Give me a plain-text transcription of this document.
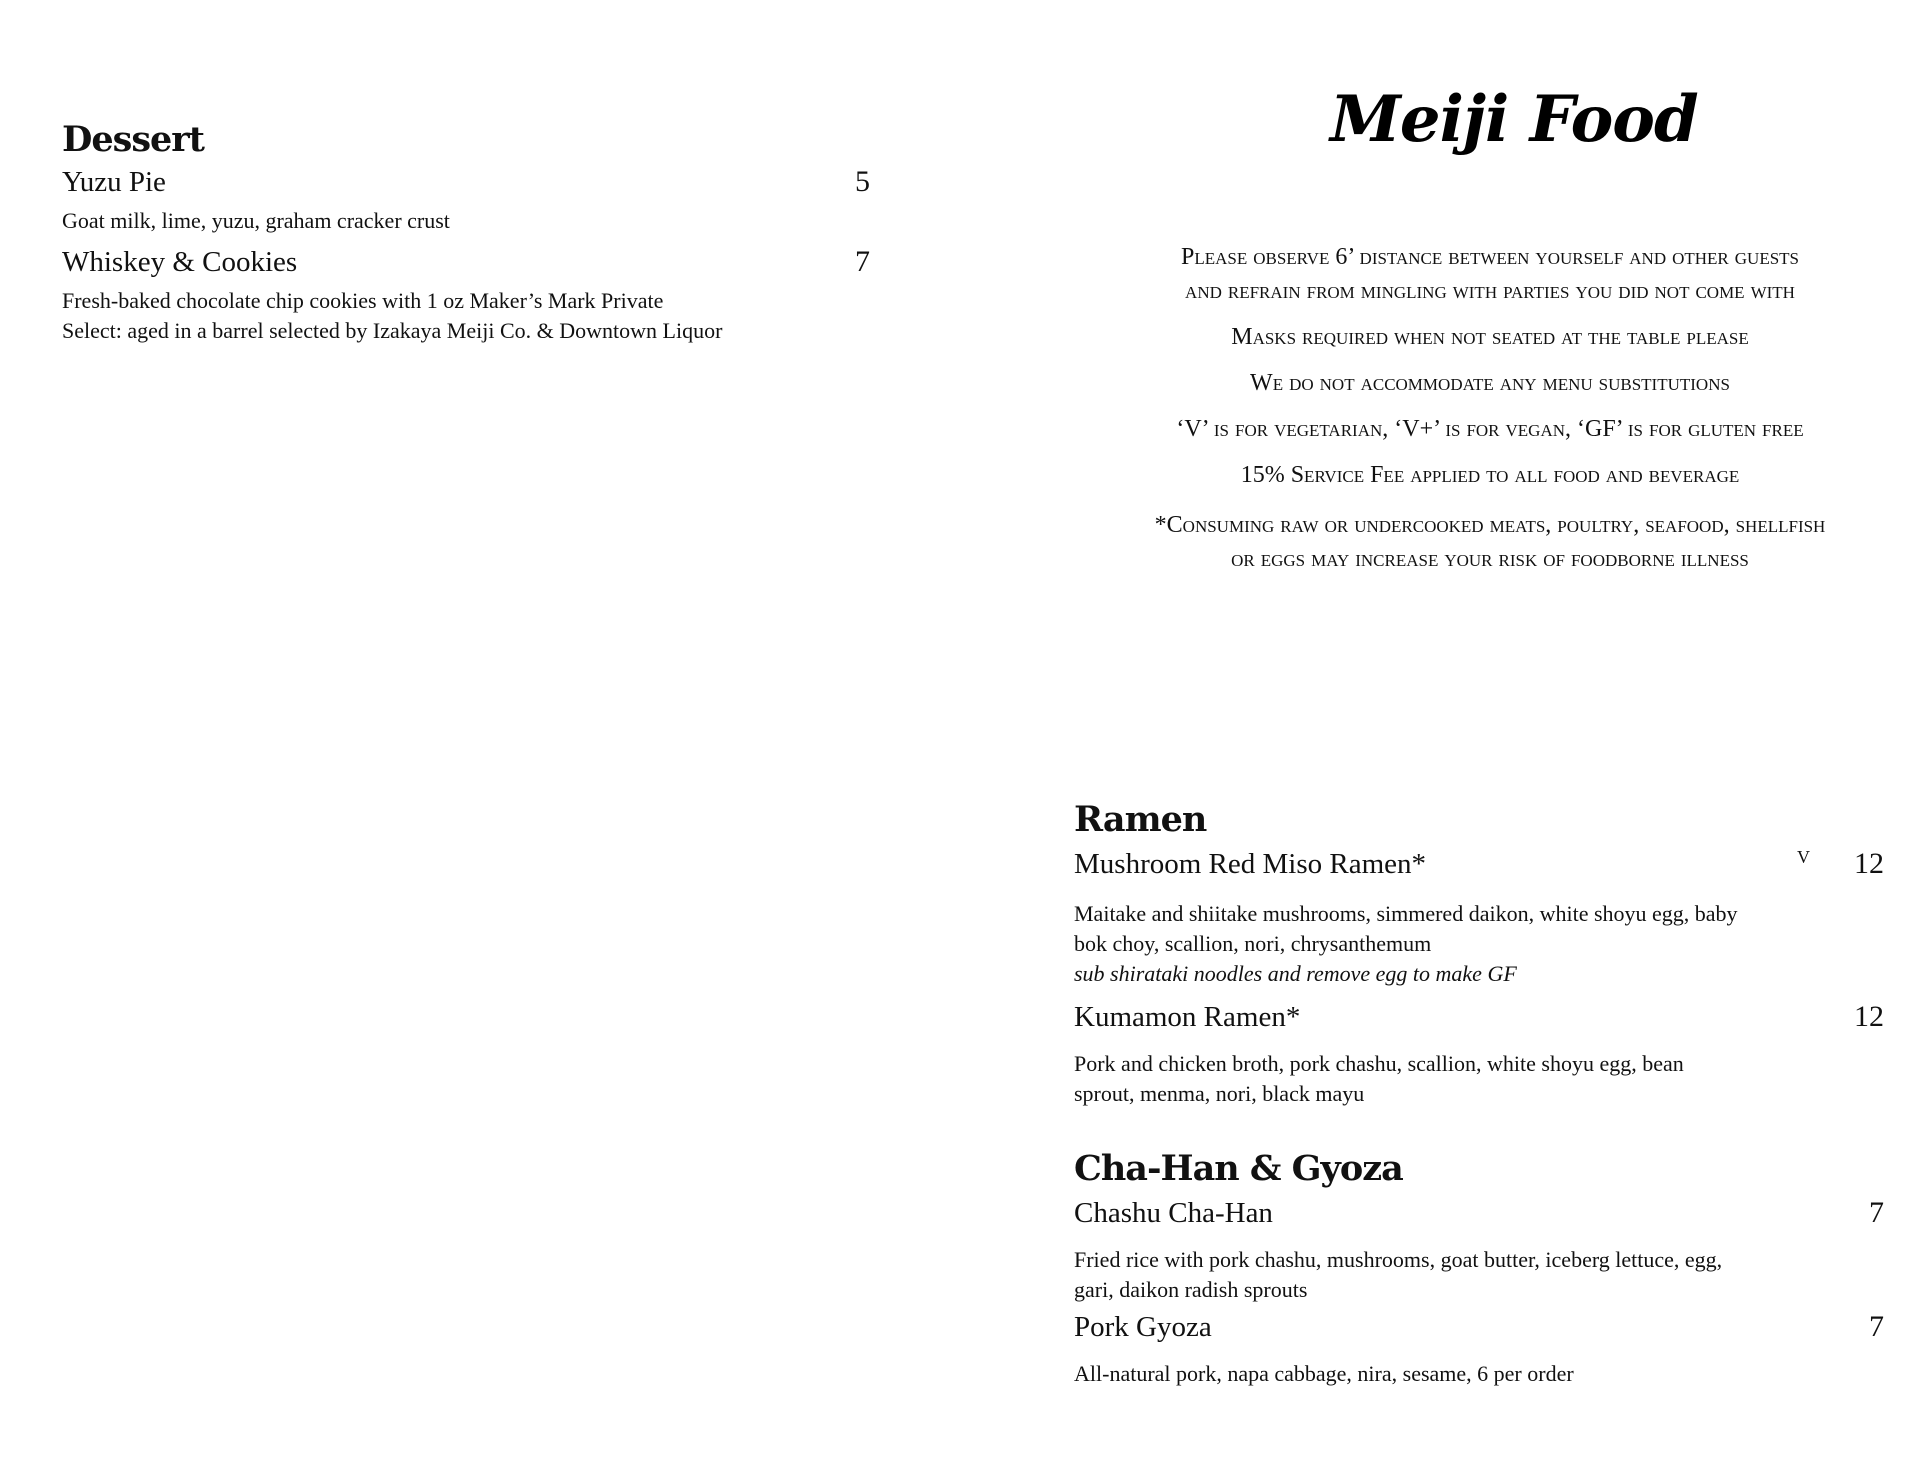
Dessert
Yuzu Pie	5
Goat milk, lime, yuzu, graham cracker crust
Whiskey & Cookies	7
Fresh-baked chocolate chip cookies with 1 oz Maker’s Mark Private
Select: aged in a barrel selected by Izakaya Meiji Co. & Downtown Liquor
Meiji Food
Please observe 6’ distance between yourself and other guests
and refrain from mingling with parties you did not come with
Masks required when not seated at the table please
We do not accommodate any menu substitutions
‘V’ is for vegetarian, ‘V+’ is for vegan, ‘GF’ is for gluten free
15% Service Fee applied to all food and beverage
*Consuming raw or undercooked meats, poultry, seafood, shellfish
or eggs may increase your risk of foodborne illness
Ramen
Mushroom Red Miso Ramen*	V 12
Maitake and shiitake mushrooms, simmered daikon, white shoyu egg, baby
bok choy, scallion, nori, chrysanthemum
sub shirataki noodles and remove egg to make GF
Kumamon Ramen*	12
Pork and chicken broth, pork chashu, scallion, white shoyu egg, bean
sprout, menma, nori, black mayu
Cha-Han & Gyoza
Chashu Cha-Han	7
Fried rice with pork chashu, mushrooms, goat butter, iceberg lettuce, egg,
gari, daikon radish sprouts
Pork Gyoza	7
All-natural pork, napa cabbage, nira, sesame, 6 per order
